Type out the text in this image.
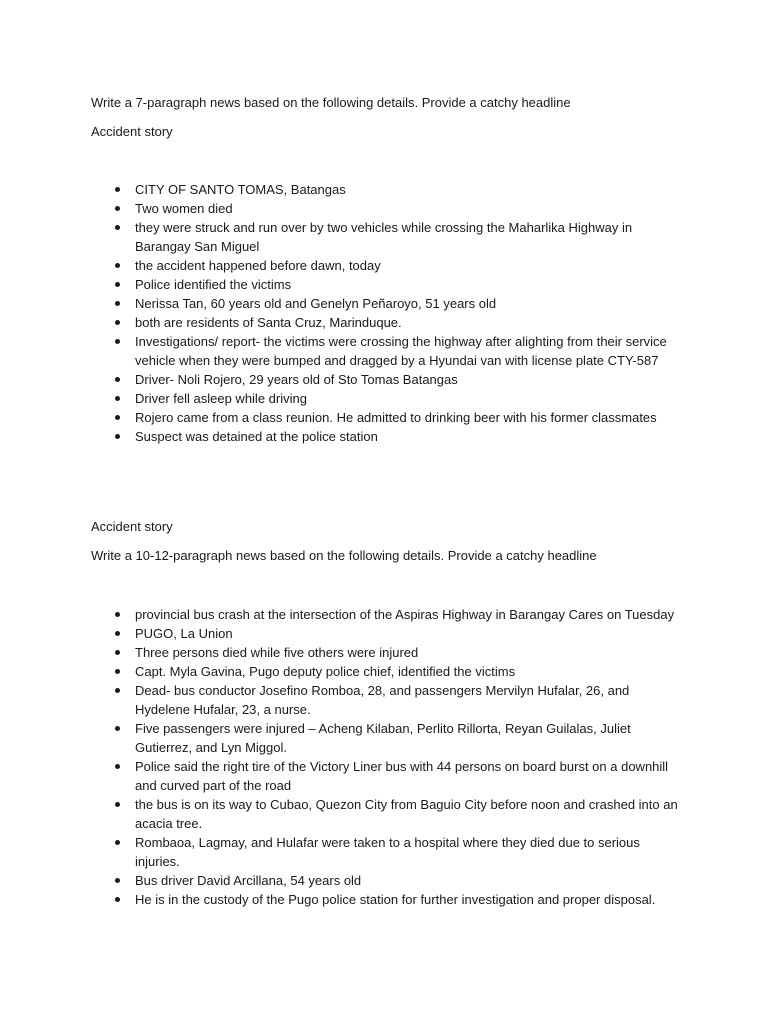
Write a 7-paragraph news based on the following details. Provide a catchy headline

Accident story

CITY OF SANTO TOMAS, Batangas
Two women died
they were struck and run over by two vehicles while crossing the Maharlika Highway in Barangay San Miguel
the accident happened before dawn, today
Police identified the victims
Nerissa Tan, 60 years old and Genelyn Peñaroyo, 51 years old
both are residents of Santa Cruz, Marinduque.
Investigations/ report- the victims were crossing the highway after alighting from their service vehicle when they were bumped and dragged by a Hyundai van with license plate CTY-587
Driver- Noli Rojero, 29 years old of Sto Tomas Batangas
Driver fell asleep while driving
Rojero came from a class reunion. He admitted to drinking beer with his former classmates
Suspect was detained at the police station

Accident story

Write a 10-12-paragraph news based on the following details. Provide a catchy headline

provincial bus crash at the intersection of the Aspiras Highway in Barangay Cares on Tuesday
PUGO, La Union
Three persons died while five others were injured
Capt. Myla Gavina, Pugo deputy police chief, identified the victims
Dead- bus conductor Josefino Romboa, 28, and passengers Mervilyn Hufalar, 26, and Hydelene Hufalar, 23, a nurse.
Five passengers were injured – Acheng Kilaban, Perlito Rillorta, Reyan Guilalas, Juliet Gutierrez, and Lyn Miggol.
Police said the right tire of the Victory Liner bus with 44 persons on board burst on a downhill and curved part of the road
the bus is on its way to Cubao, Quezon City from Baguio City before noon and crashed into an acacia tree.
Rombaoa, Lagmay, and Hulafar were taken to a hospital where they died due to serious injuries.
Bus driver David Arcillana, 54 years old
He is in the custody of the Pugo police station for further investigation and proper disposal.
